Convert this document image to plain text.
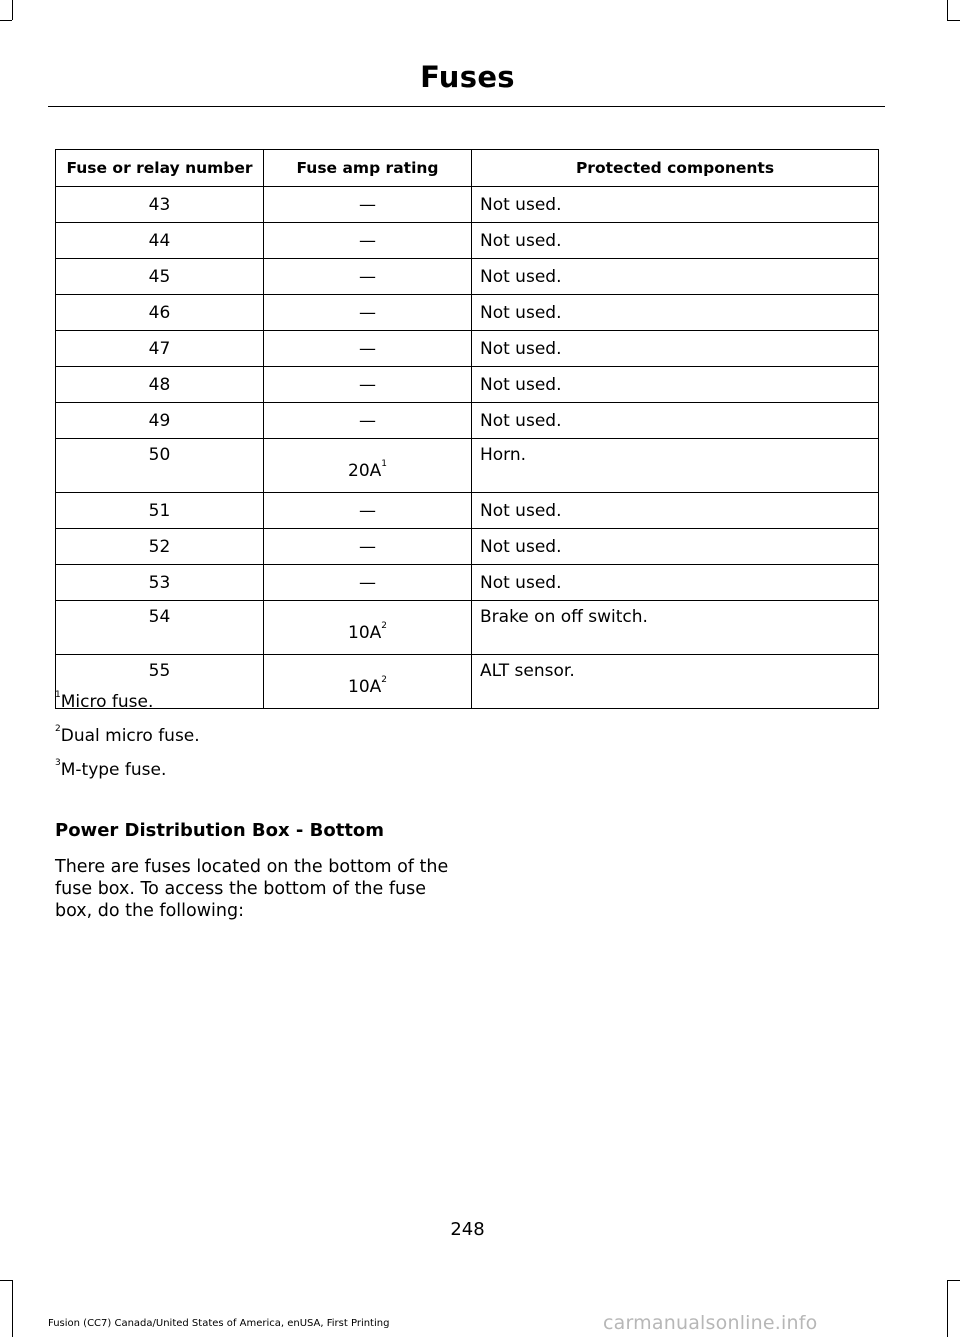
Fuses
Fuse or relay number	Fuse amp rating	Protected components
43	—	Not used.
44	—	Not used.
45	—	Not used.
46	—	Not used.
47	—	Not used.
48	—	Not used.
49	—	Not used.
50	$20A^1$	Horn.
51	—	Not used.
52	—	Not used.
53	—	Not used.
54	$10A^2$	Brake on off switch.
55	$10A^2$	ALT sensor.
$^1$Micro fuse.
$^2$Dual micro fuse.
$^3$M-type fuse.
Power Distribution Box - Bottom
There are fuses located on the bottom of the fuse box. To access the bottom of the fuse box, do the following:
248
Fusion (CC7) Canada/United States of America, enUSA, First Printing	carmanualsonline.info
